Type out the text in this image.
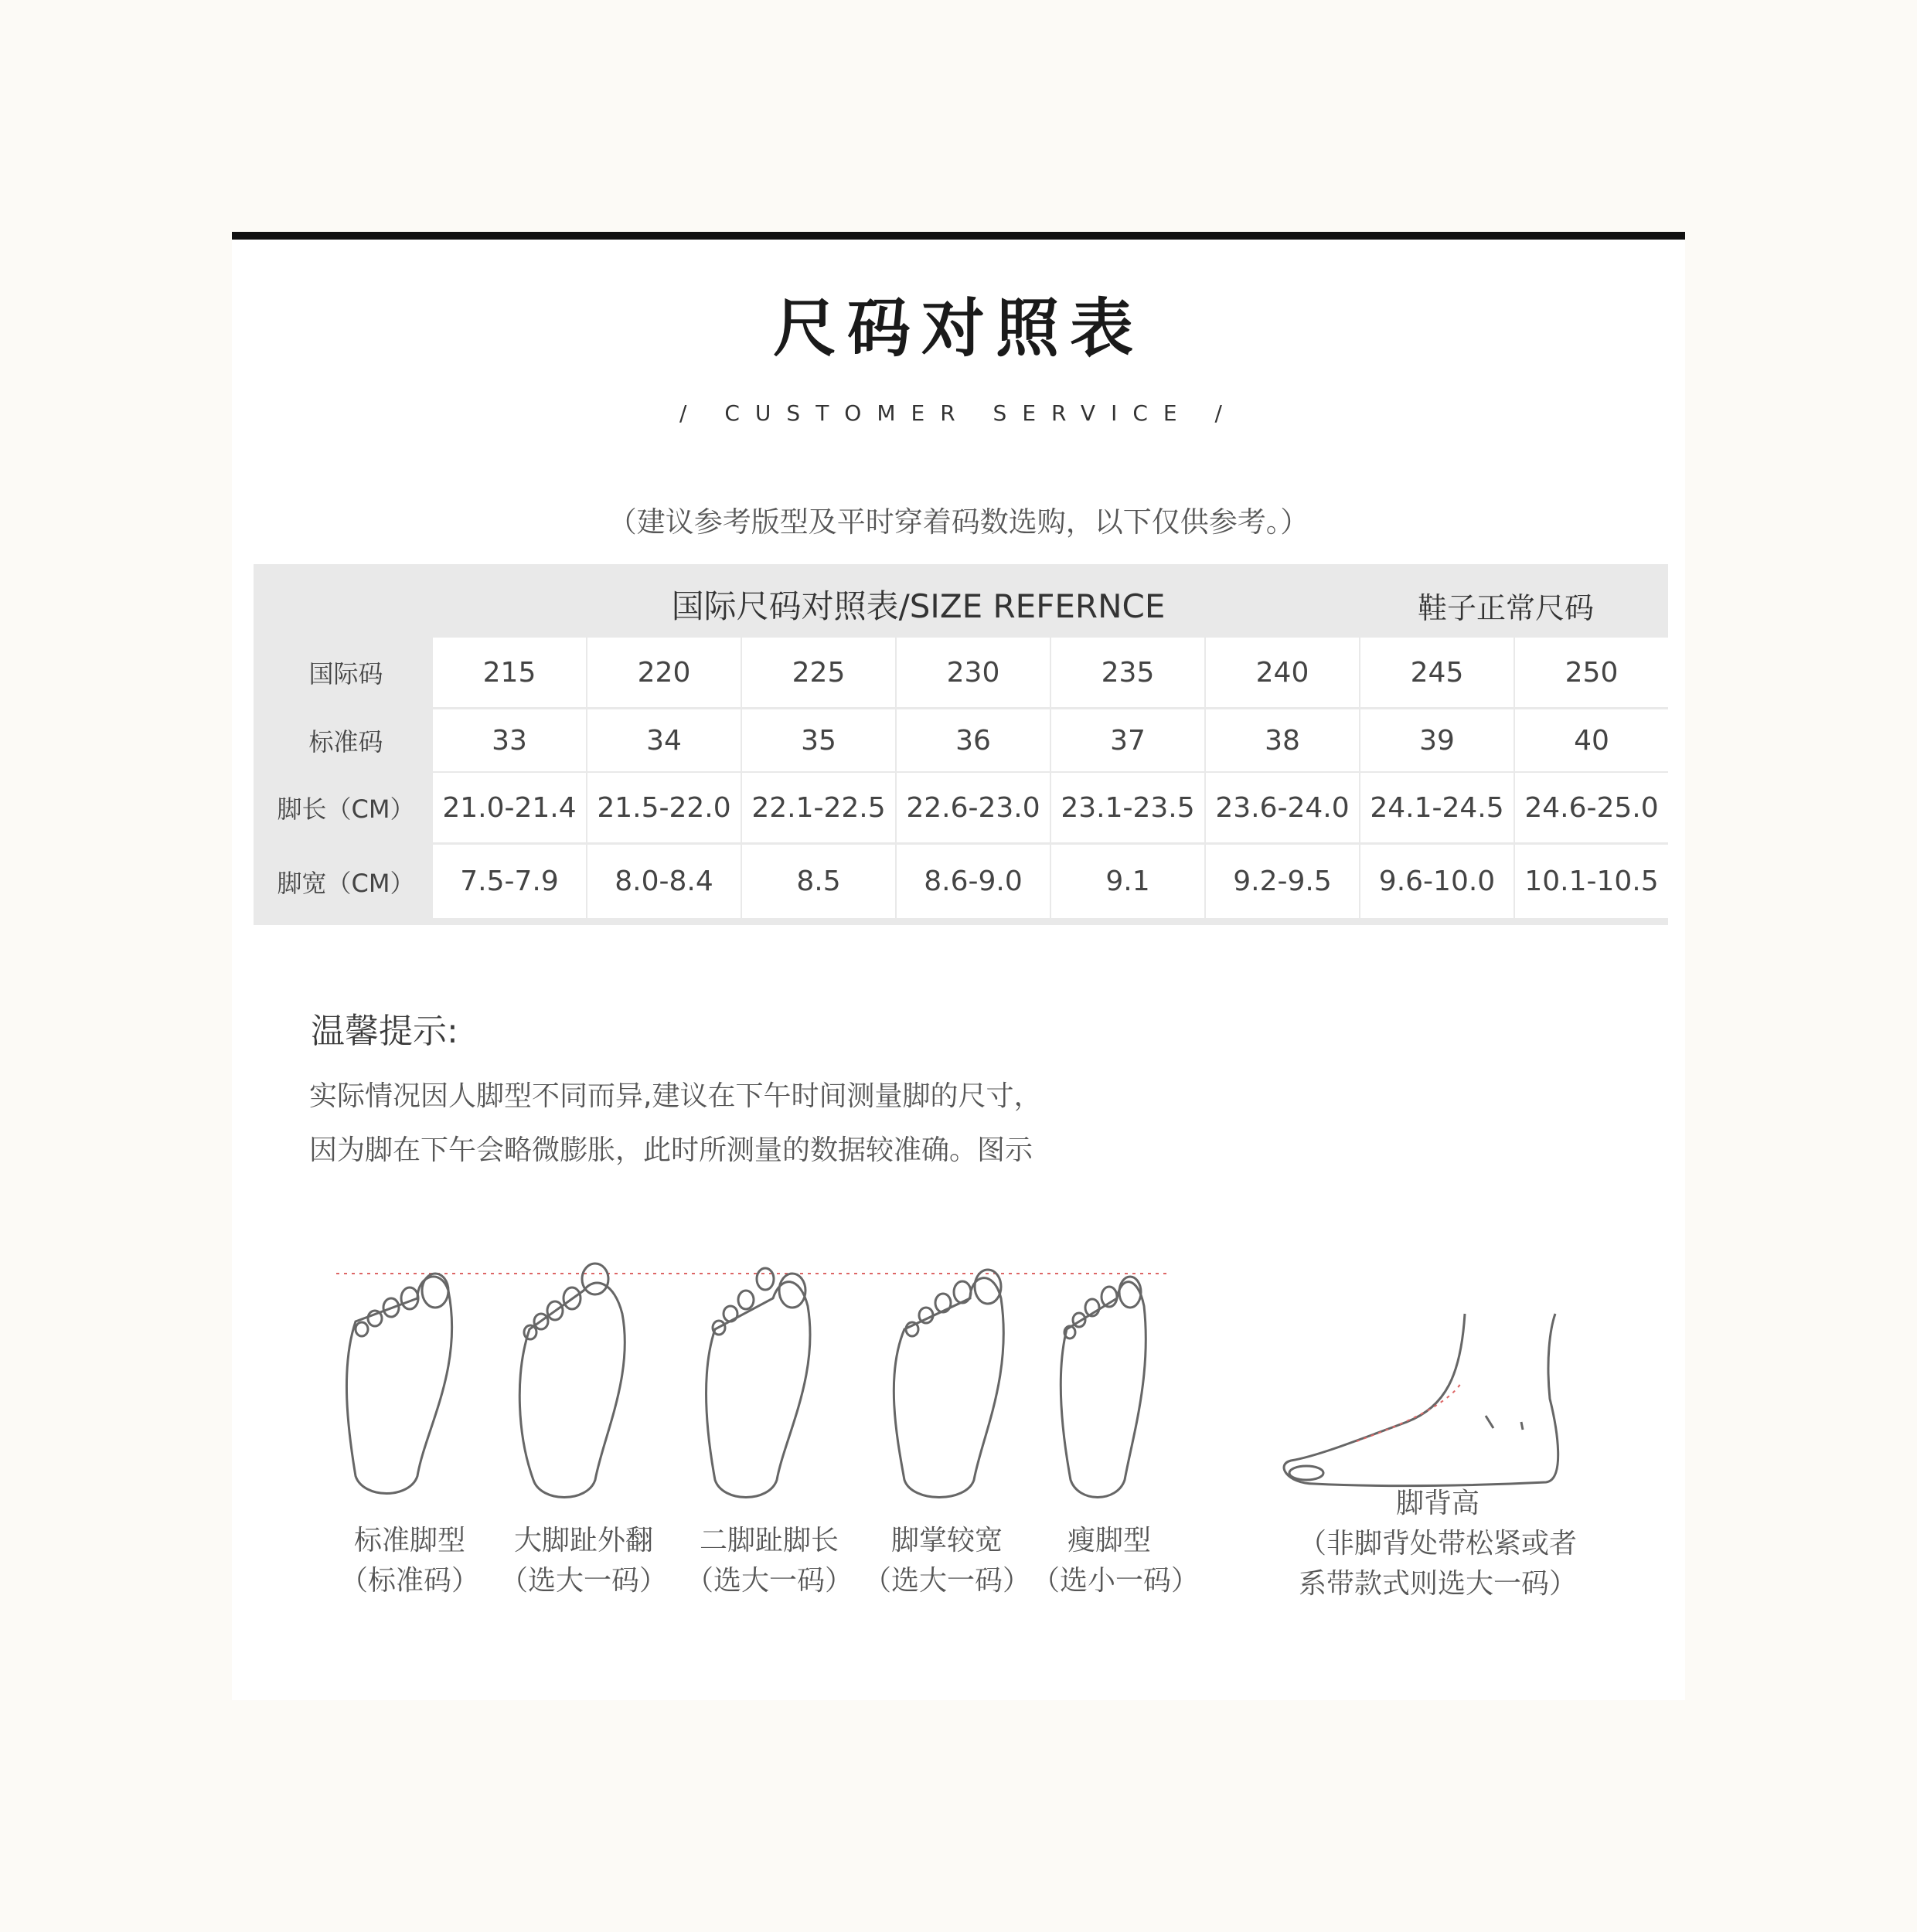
尺码对照表
/ CUSTOMER SERVICE /
（建议参考版型及平时穿着码数选购，以下仅供参考。）
国际尺码对照表/SIZE REFERNCE	鞋子正常尺码
国际码	215	220	225	230	235	240	245	250
标准码	33	34	35	36	37	38	39	40
脚长（CM） 21.0-21.4 21.5-22.0 22.1-22.5 22.6-23.0 23.1-23.5 23.6-24.0 24.1-24.5 24.6-25.0
脚宽（CM）	7.5-7.9	8.0-8.4	8.5	8.6-9.0	9.1	9.2-9.5	9.6-10.0	10.1-10.5
温馨提示:
实际情况因人脚型不同而异,建议在下午时间测量脚的尺寸，
因为脚在下午会略微膨胀，此时所测量的数据较准确。图示
标准脚型
（标准码）
大脚趾外翻
（选大一码）
二脚趾脚长
（选大一码）
脚掌较宽
（选大一码）
瘦脚型
（选小一码）
脚背高
（非脚背处带松紧或者
系带款式则选大一码）
